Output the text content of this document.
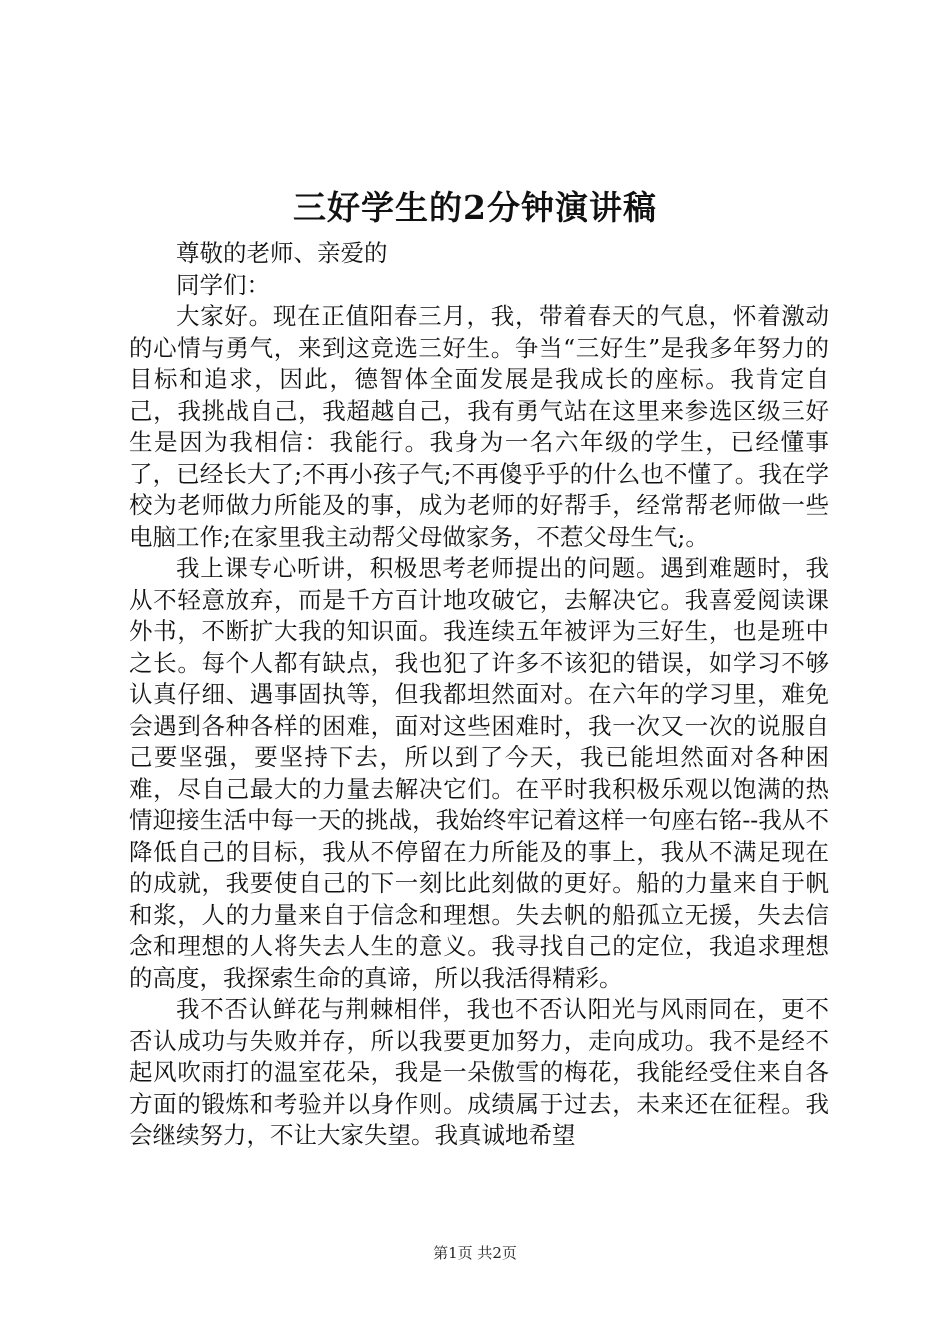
三好学生的2分钟演讲稿

尊敬的老师、亲爱的

同学们：

大家好。现在正值阳春三月，我，带着春天的气息，怀着激动的心情与勇气，来到这竞选三好生。争当“三好生”是我多年努力的目标和追求，因此，德智体全面发展是我成长的座标。我肯定自己，我挑战自己，我超越自己，我有勇气站在这里来参选区级三好生是因为我相信：我能行。我身为一名六年级的学生，已经懂事了，已经长大了;不再小孩子气;不再傻乎乎的什么也不懂了。我在学校为老师做力所能及的事，成为老师的好帮手，经常帮老师做一些电脑工作;在家里我主动帮父母做家务，不惹父母生气;。

我上课专心听讲，积极思考老师提出的问题。遇到难题时，我从不轻意放弃，而是千方百计地攻破它，去解决它。我喜爱阅读课外书，不断扩大我的知识面。我连续五年被评为三好生，也是班中之长。每个人都有缺点，我也犯了许多不该犯的错误，如学习不够认真仔细、遇事固执等，但我都坦然面对。在六年的学习里，难免会遇到各种各样的困难，面对这些困难时，我一次又一次的说服自己要坚强，要坚持下去，所以到了今天，我已能坦然面对各种困难，尽自己最大的力量去解决它们。在平时我积极乐观以饱满的热情迎接生活中每一天的挑战，我始终牢记着这样一句座右铭--我从不降低自己的目标，我从不停留在力所能及的事上，我从不满足现在的成就，我要使自己的下一刻比此刻做的更好。船的力量来自于帆和浆，人的力量来自于信念和理想。失去帆的船孤立无援，失去信念和理想的人将失去人生的意义。我寻找自己的定位，我追求理想的高度，我探索生命的真谛，所以我活得精彩。

我不否认鲜花与荆棘相伴，我也不否认阳光与风雨同在，更不否认成功与失败并存，所以我要更加努力，走向成功。我不是经不起风吹雨打的温室花朵，我是一朵傲雪的梅花，我能经受住来自各方面的锻炼和考验并以身作则。成绩属于过去，未来还在征程。我会继续努力，不让大家失望。我真诚地希望

第1页 共2页
